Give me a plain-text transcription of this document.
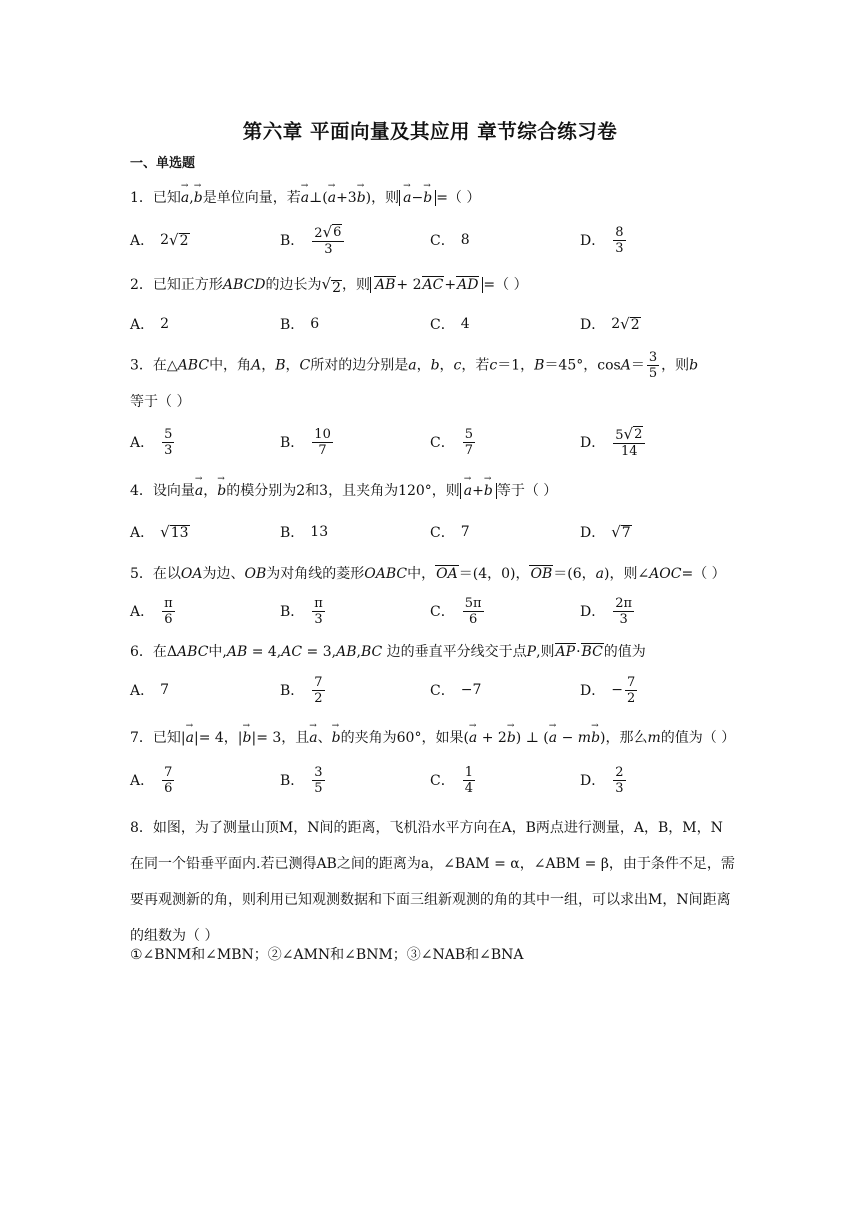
第六章 平面向量及其应用 章节综合练习卷
一、单选题
1．已知→ a,→ b是单位向量，若→ a⊥(→ a+3→ b)，则 → a−→ b =（ ）
A． 2 √ 2	B． $\frac{2 √ 6}{3}$	C． 8	D． $\frac{8}{3}$
2．已知正方形ABCD的边长为 √ 2 ，则 AB+ 2AC+AD =（ ）
A． 2	B． 6	C． 4	D． 2 √ 2
3．在△ABC中，角A，B，C所对的边分别是a，b，c，若c＝1，B＝45°，$\cos A= \frac{3}{5}$ ，则b
等于（ ）
A． $\frac{5}{3}$	B． $\frac{10}{7}$	C． $\frac{5}{7}$	D． $\frac{5 √ 2}{14}$
4．设向量→ a，→ b的模分别为2和3，且夹角为120°，则 → a+→ b 等于（ ）
A． √ 13	B． 13	C． 7	D． √ 7
5．在以OA为边、OB为对角线的菱形OABC中，OA＝(4，0)，OB＝(6，a)，则∠AOC=（ ）
A． $\frac{\pi}{6}$	B． $\frac{\pi}{3}$	C． $\frac{5\pi}{6}$	D． $\frac{2\pi}{3}$
6．在ΔABC中,AB = 4,AC = 3,AB,BC 边的垂直平分线交于点P,则AP·BC的值为
A． 7	B． $\frac{7}{2}$	C． −7	D． − $\frac{7}{2}$
7．已知|→ a|= 4，|→ b|= 3，且→ a、→ b的夹角为60°，如果(→ a + 2→ b) ⊥ (→ a − m→ b)，那么m的值为（ ）
A． $\frac{7}{6}$	B． $\frac{3}{5}$	C． $\frac{1}{4}$	D． $\frac{2}{3}$
8．如图，为了测量山顶M，N间的距离，飞机沿水平方向在A，B两点进行测量，A，B，M，N在同一个铅垂平面内.若已测得AB之间的距离为a，∠BAM = α，∠ABM = β，由于条件不足，需要再观测新的角，则利用已知观测数据和下面三组新观测的角的其中一组，可以求出M，N间距离的组数为（ ）
①∠BNM和∠MBN；②∠AMN和∠BNM；③∠NAB和∠BNA
